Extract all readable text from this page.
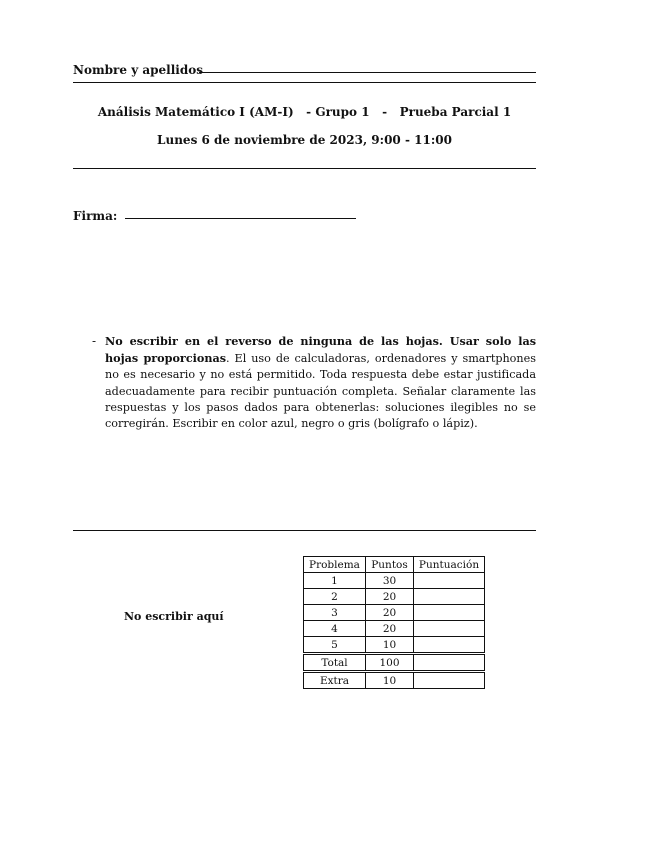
Nombre y apellidos
Análisis Matemático I (AM-I)   - Grupo 1   -   Prueba Parcial 1
Lunes 6 de noviembre de 2023, 9:00 - 11:00
Firma:
- No escribir en el reverso de ninguna de las hojas. Usar solo las hojas proporcionas. El uso de calculadoras, ordenadores y smartphones no es necesario y no está permitido. Toda respuesta debe estar justificada adecuadamente para recibir puntuación completa. Señalar claramente las respuestas y los pasos dados para obtenerlas: soluciones ilegibles no se corregirán. Escribir en color azul, negro o gris (bolígrafo o lápiz).
No escribir aquí
Problema	Puntos	Puntuación
1	30	
2	20	
3	20	
4	20	
5	10	

Total	100	

Extra	10	
